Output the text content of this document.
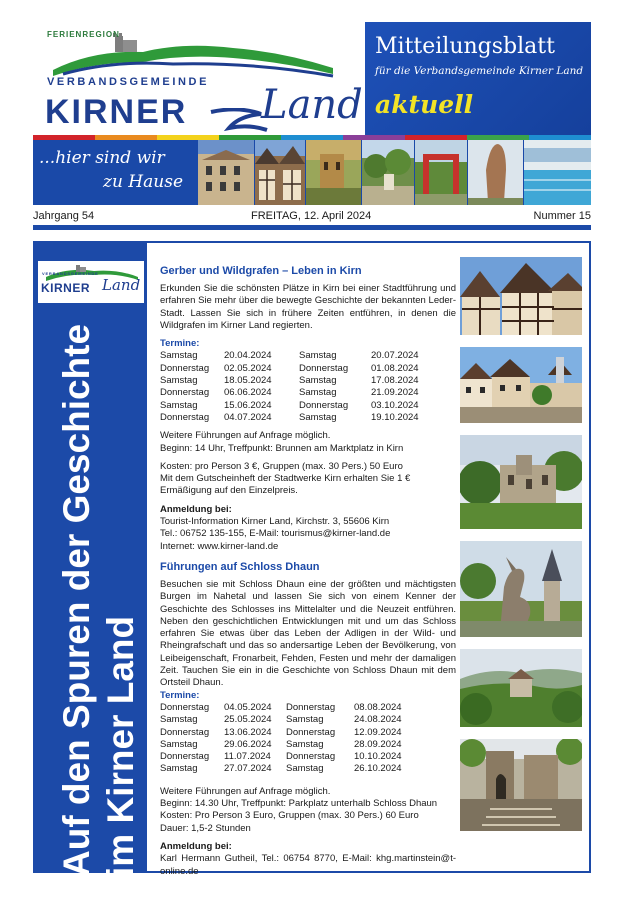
FERIENREGION
VERBANDSGEMEINDE
KIRNER Land
Mitteilungsblatt
für die Verbandsgemeinde Kirner Land
aktuell
...hier sind wir
zu Hause
Jahrgang 54	FREITAG, 12. April 2024	Nummer 15
VERBANDSGEMEINDE
KIRNER Land
Auf den Spuren der Geschichte im Kirner Land
Gerber und Wildgrafen – Leben in Kirn

Erkunden Sie die schönsten Plätze in Kirn bei einer Stadtführung und erfahren Sie mehr über die bewegte Geschichte der bekannten Leder-Stadt. Lassen Sie sich in frühere Zeiten entführen, in denen die Wildgrafen im Kirner Land regierten.

Termine:
Samstag	20.04.2024	Samstag	20.07.2024
Donnerstag	02.05.2024	Donnerstag	01.08.2024
Samstag	18.05.2024	Samstag	17.08.2024
Donnerstag	06.06.2024	Samstag	21.09.2024
Samstag	15.06.2024	Donnerstag	03.10.2024
Donnerstag	04.07.2024	Samstag	19.10.2024
Weitere Führungen auf Anfrage möglich.

Beginn: 14 Uhr, Treffpunkt: Brunnen am Marktplatz in Kirn

Kosten: pro Person 3 €, Gruppen (max. 30 Pers.) 50 Euro

Mit dem Gutscheinheft der Stadtwerke Kirn erhalten Sie 1 € Ermäßigung auf den Einzelpreis.

Anmeldung bei:
Tourist-Information Kirner Land, Kirchstr. 3, 55606 Kirn
Tel.: 06752 135-155, E-Mail: tourismus@kirner-land.de
Internet: www.kirner-land.de
Führungen auf Schloss Dhaun

Besuchen sie mit Schloss Dhaun eine der größten und mächtigsten Burgen im Nahetal und lassen Sie sich von einem Kenner der Geschichte des Schlosses ins Mittelalter und die Neuzeit entführen. Neben den geschichtlichen Entwicklungen mit und um das Schloss erfahren Sie etwas über das Leben der Adligen in der Wild- und Rheingrafschaft und das so andersartige Leben der Bevölkerung, von Leibeigenschaft, Fronarbeit, Fehden, Festen und mehr der damaligen Zeit. Tauchen Sie ein in die Geschichte von Schloss Dhaun mit dem Ortsteil Dhaun.

Termine:
Donnerstag	04.05.2024	Donnerstag	08.08.2024
Samstag	25.05.2024	Samstag	24.08.2024
Donnerstag	13.06.2024	Donnerstag	12.09.2024
Samstag	29.06.2024	Samstag	28.09.2024
Donnerstag	11.07.2024	Donnerstag	10.10.2024
Samstag	27.07.2024	Samstag	26.10.2024
Weitere Führungen auf Anfrage möglich.
Beginn: 14.30 Uhr, Treffpunkt: Parkplatz unterhalb Schloss Dhaun
Kosten: Pro Person 3 Euro, Gruppen (max. 30 Pers.) 60 Euro

Dauer: 1,5-2 Stunden

Anmeldung bei:
Karl Hermann Gutheil, Tel.: 06754 8770, E-Mail: khg.martinstein@t-online.de
